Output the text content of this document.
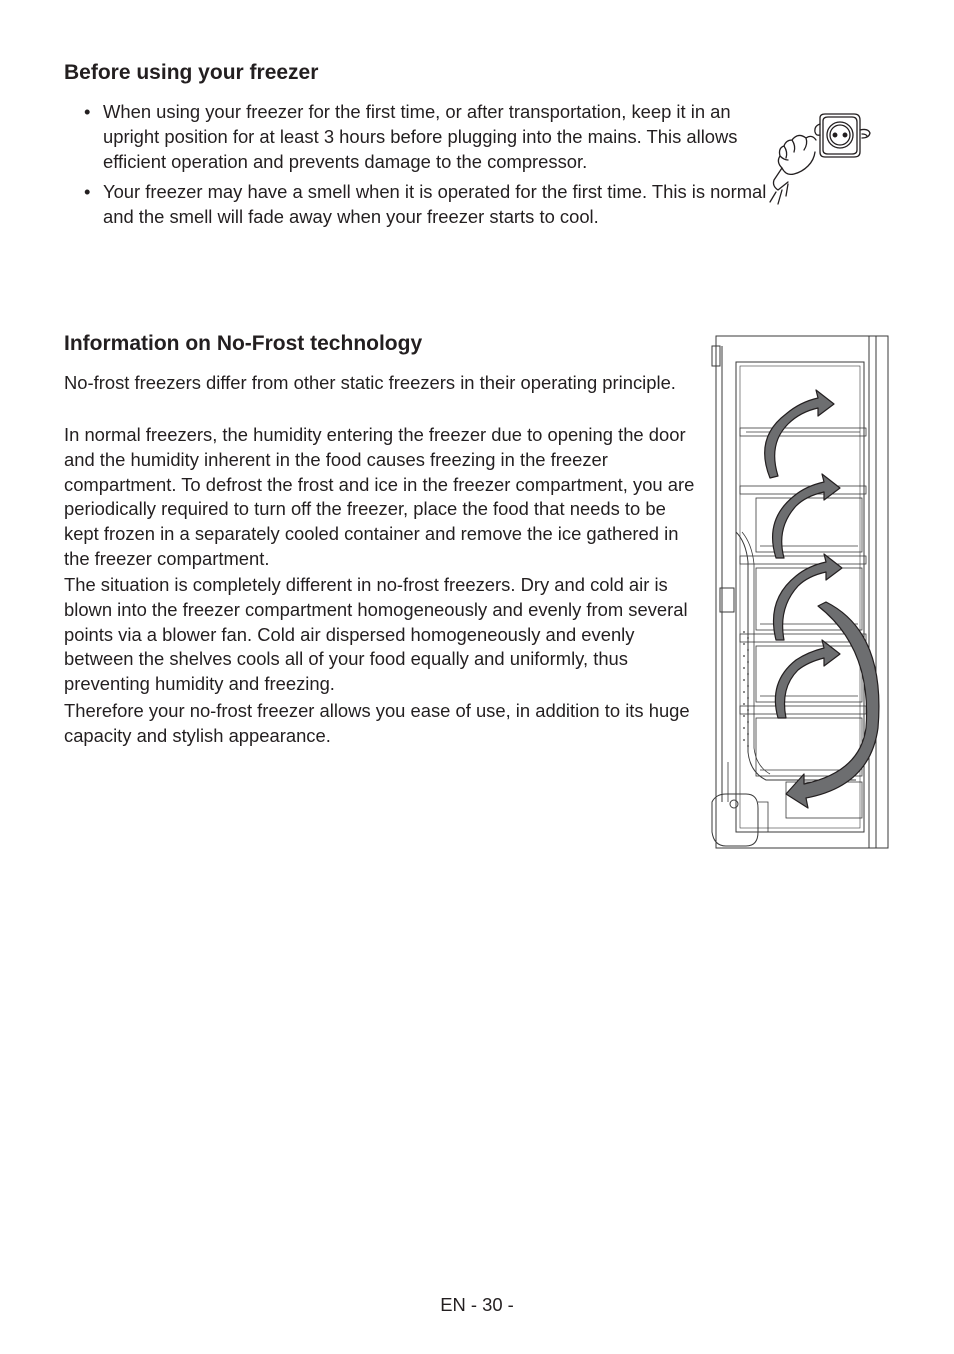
Before using your freezer
• When using your freezer for the first time, or after transportation, keep it in an upright position for at least 3 hours before plugging into the mains. This allows efficient operation and prevents damage to the compressor.
• Your freezer may have a smell when it is operated for the first time. This is normal and the smell will fade away when your freezer starts to cool.
Information on No-Frost technology

No-frost freezers differ from other static freezers in their operating principle.

In normal freezers, the humidity entering the freezer due to opening the door and the humidity inherent in the food causes freezing in the freezer compartment. To defrost the frost and ice in the freezer compartment, you are periodically required to turn off the freezer, place the food that needs to be kept frozen in a separately cooled container and remove the ice gathered in the freezer compartment.

The situation is completely different in no-frost freezers. Dry and cold air is blown into the freezer compartment homogeneously and evenly from several points via a blower fan. Cold air dispersed homogeneously and evenly between the shelves cools all of your food equally and uniformly, thus preventing humidity and freezing.

Therefore your no-frost freezer allows you ease of use, in addition to its huge capacity and stylish appearance.

EN - 30 -
